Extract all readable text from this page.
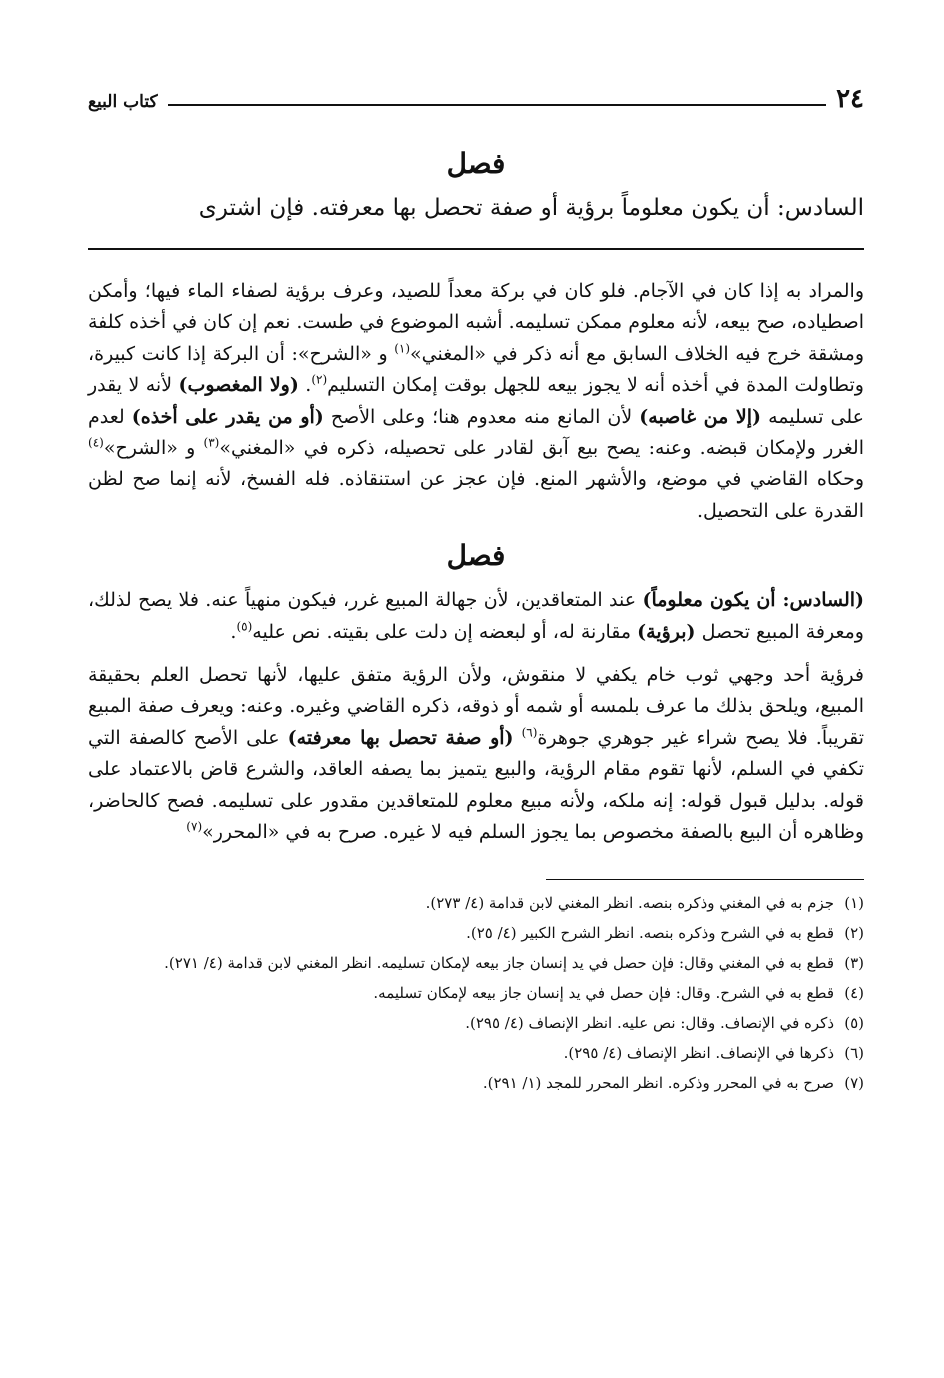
٢٤
كتاب البيع
فصل

السادس: أن يكون معلوماً برؤية أو صفة تحصل بها معرفته. فإن اشترى

والمراد به إذا كان في الآجام. فلو كان في بركة معداً للصيد، وعرف برؤية لصفاء الماء فيها؛ وأمكن اصطياده، صح بيعه، لأنه معلوم ممكن تسليمه. أشبه الموضوع في طست. نعم إن كان في أخذه كلفة ومشقة خرج فيه الخلاف السابق مع أنه ذكر في «المغني»$^{(١)}$ و «الشرح»: أن البركة إذا كانت كبيرة، وتطاولت المدة في أخذه أنه لا يجوز بيعه للجهل بوقت إمكان التسليم$^{(٢)}$. (ولا المغصوب) لأنه لا يقدر على تسليمه (إلا من غاصبه) لأن المانع منه معدوم هنا؛ وعلى الأصح (أو من يقدر على أخذه) لعدم الغرر ولإمكان قبضه. وعنه: يصح بيع آبق لقادر على تحصيله، ذكره في «المغني»$^{(٣)}$ و «الشرح»$^{(٤)}$ وحكاه القاضي في موضع، والأشهر المنع. فإن عجز عن استنقاذه. فله الفسخ، لأنه إنما صح لظن القدرة على التحصيل.

فصل

(السادس: أن يكون معلوماً) عند المتعاقدين، لأن جهالة المبيع غرر، فيكون منهياً عنه. فلا يصح لذلك، ومعرفة المبيع تحصل (برؤية) مقارنة له، أو لبعضه إن دلت على بقيته. نص عليه$^{(٥)}$.

فرؤية أحد وجهي ثوب خام يكفي لا منقوش، ولأن الرؤية متفق عليها، لأنها تحصل العلم بحقيقة المبيع، ويلحق بذلك ما عرف بلمسه أو شمه أو ذوقه، ذكره القاضي وغيره. وعنه: ويعرف صفة المبيع تقريباً. فلا يصح شراء غير جوهري جوهرة$^{(٦)}$ (أو صفة تحصل بها معرفته) على الأصح كالصفة التي تكفي في السلم، لأنها تقوم مقام الرؤية، والبيع يتميز بما يصفه العاقد، والشرع قاض بالاعتماد على قوله. بدليل قبول قوله: إنه ملكه، ولأنه مبيع معلوم للمتعاقدين مقدور على تسليمه. فصح كالحاضر، وظاهره أن البيع بالصفة مخصوص بما يجوز السلم فيه لا غيره. صرح به في «المحرر»$^{(٧)}$

(١)
جزم به في المغني وذكره بنصه. انظر المغني لابن قدامة (٤/ ٢٧٣).
(٢)
قطع به في الشرح وذكره بنصه. انظر الشرح الكبير (٤/ ٢٥).
(٣)
قطع به في المغني وقال: فإن حصل في يد إنسان جاز بيعه لإمكان تسليمه. انظر المغني لابن قدامة (٤/ ٢٧١).
(٤)
قطع به في الشرح. وقال: فإن حصل في يد إنسان جاز بيعه لإمكان تسليمه.
(٥)
ذكره في الإنصاف. وقال: نص عليه. انظر الإنصاف (٤/ ٢٩٥).
(٦)
ذكرها في الإنصاف. انظر الإنصاف (٤/ ٢٩٥).
(٧)
صرح به في المحرر وذكره. انظر المحرر للمجد (١/ ٢٩١).
